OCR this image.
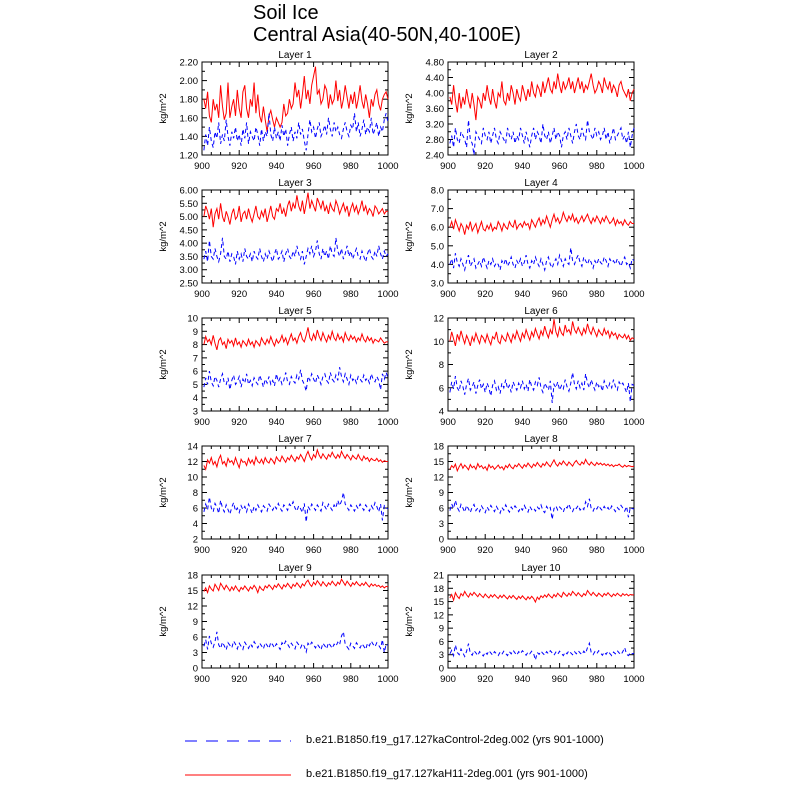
Soil Ice
Central Asia(40-50N,40-100E)
Layer 1
1.20
1.40
1.60
1.80
2.00
2.20
900 920 940 960 980 1000
kg/m^2
Layer 2
2.40
2.80
3.20
3.60
4.00
4.40
4.80
900 920 940 960 980 1000
kg/m^2
Layer 3
2.50
3.00
3.50
4.00
4.50
5.00
5.50
6.00
900 920 940 960 980 1000
kg/m^2
Layer 4
3.0
4.0
5.0
6.0
7.0
8.0
900 920 940 960 980 1000
kg/m^2
Layer 5
3
4
5
6
7
8
9
10
900 920 940 960 980 1000
kg/m^2
Layer 6
4
6
8
10
12
900 920 940 960 980 1000
kg/m^2
Layer 7
2
4
6
8
10
12
14
900 920 940 960 980 1000
kg/m^2
Layer 8
0
3
6
9
12
15
18
900 920 940 960 980 1000
kg/m^2
Layer 9
0
3
6
9
12
15
18
900 920 940 960 980 1000
kg/m^2
Layer 10
0
3
6
9
12
15
18
21
900 920 940 960 980 1000
kg/m^2
b.e21.B1850.f19_g17.127kaControl-2deg.002 (yrs 901-1000)
b.e21.B1850.f19_g17.127kaH11-2deg.001 (yrs 901-1000)
